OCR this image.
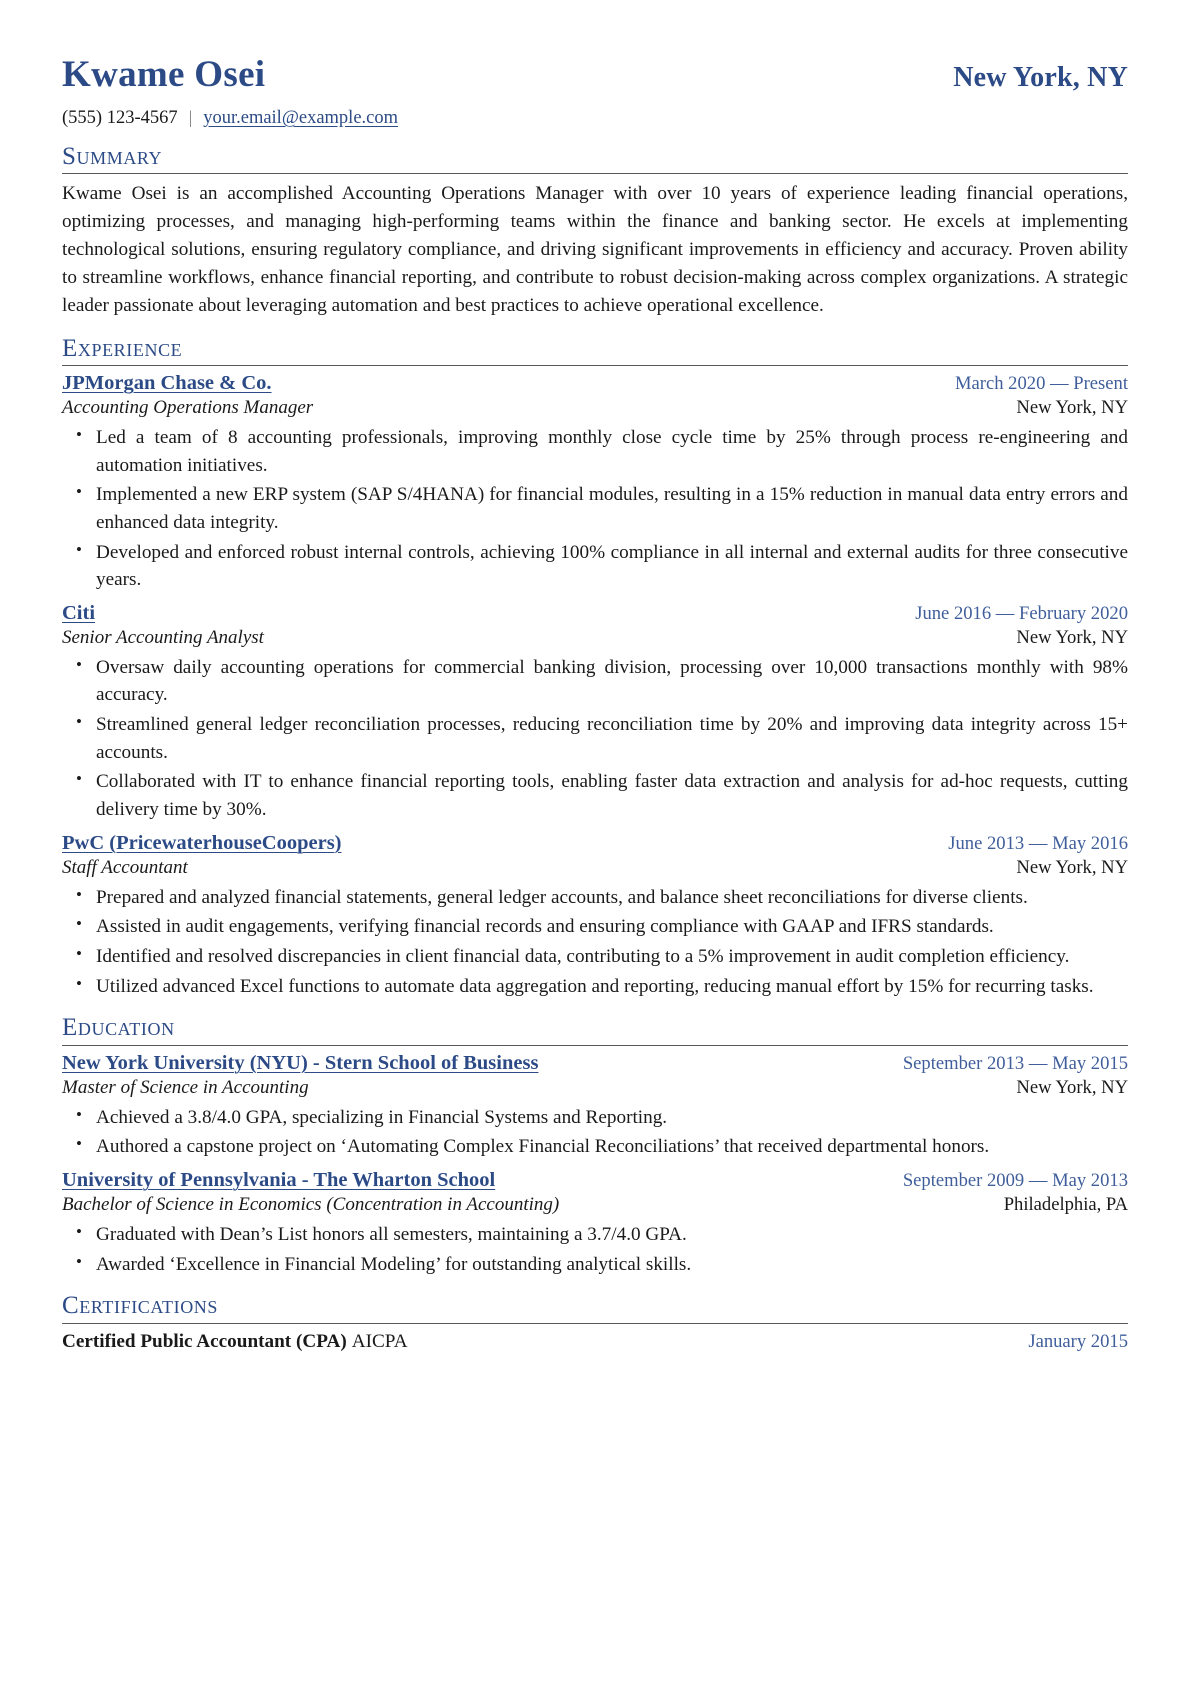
Kwame Osei	New York, NY
(555) 123-4567 | your.email@example.com
Summary
Kwame Osei is an accomplished Accounting Operations Manager with over 10 years of experience leading financial operations, optimizing processes, and managing high-performing teams within the finance and banking sector. He excels at implementing technological solutions, ensuring regulatory compliance, and driving significant improvements in efficiency and accuracy. Proven ability to streamline workflows, enhance financial reporting, and contribute to robust decision-making across complex organizations. A strategic leader passionate about leveraging automation and best practices to achieve operational excellence.
Experience
JPMorgan Chase & Co.	March 2020 — Present
Accounting Operations Manager	New York, NY
• Led a team of 8 accounting professionals, improving monthly close cycle time by 25% through process re-engineering and automation initiatives.
• Implemented a new ERP system (SAP S/4HANA) for financial modules, resulting in a 15% reduction in manual data entry errors and enhanced data integrity.
• Developed and enforced robust internal controls, achieving 100% compliance in all internal and external audits for three consecutive years.
Citi	June 2016 — February 2020
Senior Accounting Analyst	New York, NY
• Oversaw daily accounting operations for commercial banking division, processing over 10,000 transactions monthly with 98% accuracy.
• Streamlined general ledger reconciliation processes, reducing reconciliation time by 20% and improving data integrity across 15+ accounts.
• Collaborated with IT to enhance financial reporting tools, enabling faster data extraction and analysis for ad-hoc requests, cutting delivery time by 30%.
PwC (PricewaterhouseCoopers)	June 2013 — May 2016
Staff Accountant	New York, NY
• Prepared and analyzed financial statements, general ledger accounts, and balance sheet reconciliations for diverse clients.
• Assisted in audit engagements, verifying financial records and ensuring compliance with GAAP and IFRS standards.
• Identified and resolved discrepancies in client financial data, contributing to a 5% improvement in audit completion efficiency.
• Utilized advanced Excel functions to automate data aggregation and reporting, reducing manual effort by 15% for recurring tasks.
Education
New York University (NYU) - Stern School of Business	September 2013 — May 2015
Master of Science in Accounting	New York, NY
• Achieved a 3.8/4.0 GPA, specializing in Financial Systems and Reporting.
• Authored a capstone project on ‘Automating Complex Financial Reconciliations’ that received departmental honors.
University of Pennsylvania - The Wharton School	September 2009 — May 2013
Bachelor of Science in Economics (Concentration in Accounting)	Philadelphia, PA
• Graduated with Dean’s List honors all semesters, maintaining a 3.7/4.0 GPA.
• Awarded ‘Excellence in Financial Modeling’ for outstanding analytical skills.
Certifications
Certified Public Accountant (CPA) AICPA	January 2015
